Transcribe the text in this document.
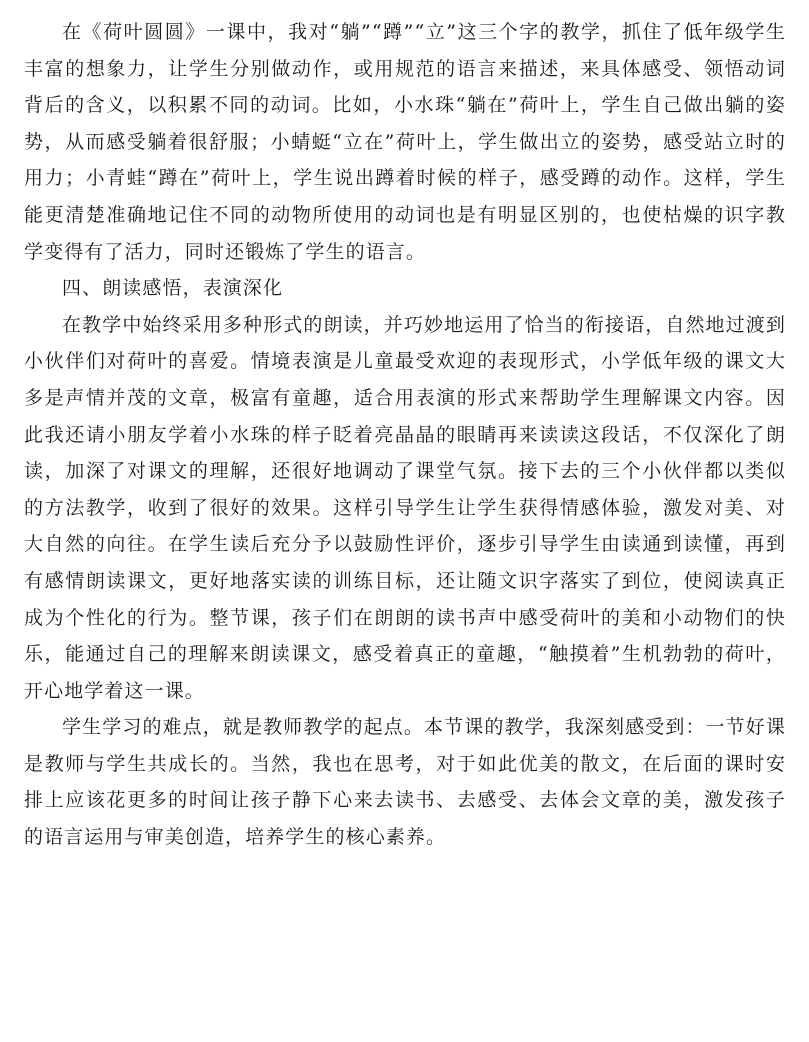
在《荷叶圆圆》一课中，我对“躺”“蹲”“立”这三个字的教学，抓住了低年级学生丰富的想象力，让学生分别做动作，或用规范的语言来描述，来具体感受、领悟动词背后的含义，以积累不同的动词。比如，小水珠“躺在”荷叶上，学生自己做出躺的姿势，从而感受躺着很舒服；小蜻蜓“立在”荷叶上，学生做出立的姿势，感受站立时的用力；小青蛙“蹲在”荷叶上，学生说出蹲着时候的样子，感受蹲的动作。这样，学生能更清楚准确地记住不同的动物所使用的动词也是有明显区别的，也使枯燥的识字教学变得有了活力，同时还锻炼了学生的语言。

四、朗读感悟，表演深化

在教学中始终采用多种形式的朗读，并巧妙地运用了恰当的衔接语，自然地过渡到小伙伴们对荷叶的喜爱。情境表演是儿童最受欢迎的表现形式，小学低年级的课文大多是声情并茂的文章，极富有童趣，适合用表演的形式来帮助学生理解课文内容。因此我还请小朋友学着小水珠的样子眨着亮晶晶的眼睛再来读读这段话，不仅深化了朗读，加深了对课文的理解，还很好地调动了课堂气氛。接下去的三个小伙伴都以类似的方法教学，收到了很好的效果。这样引导学生让学生获得情感体验，激发对美、对大自然的向往。在学生读后充分予以鼓励性评价，逐步引导学生由读通到读懂，再到有感情朗读课文，更好地落实读的训练目标，还让随文识字落实了到位，使阅读真正成为个性化的行为。整节课，孩子们在朗朗的读书声中感受荷叶的美和小动物们的快乐，能通过自己的理解来朗读课文，感受着真正的童趣，“触摸着”生机勃勃的荷叶，开心地学着这一课。

学生学习的难点，就是教师教学的起点。本节课的教学，我深刻感受到：一节好课是教师与学生共成长的。当然，我也在思考，对于如此优美的散文，在后面的课时安排上应该花更多的时间让孩子静下心来去读书、去感受、去体会文章的美，激发孩子的语言运用与审美创造，培养学生的核心素养。
